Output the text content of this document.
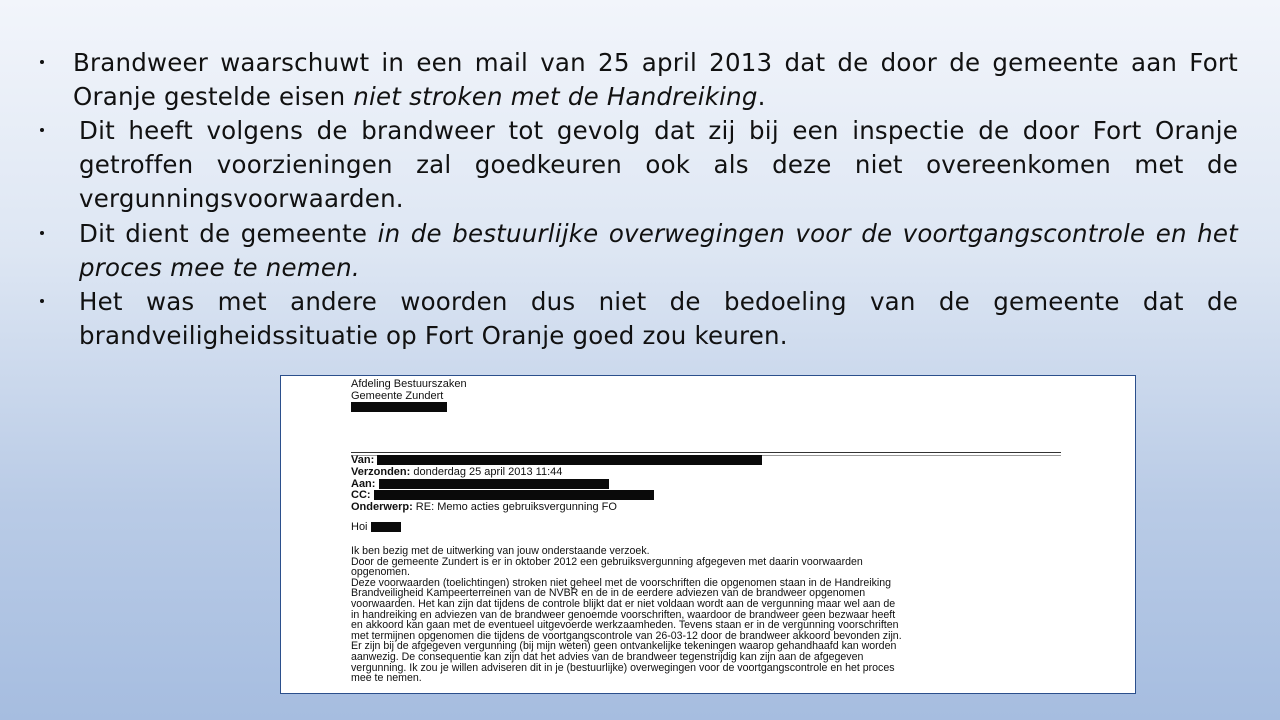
Brandweer waarschuwt in een mail van 25 april 2013 dat de door de gemeente aan Fort Oranje gestelde eisen niet stroken met de Handreiking.
Dit heeft volgens de brandweer tot gevolg dat zij bij een inspectie de door Fort Oranje getroffen voorzieningen zal goedkeuren ook als deze niet overeenkomen met de vergunningsvoorwaarden.
Dit dient de gemeente in de bestuurlijke overwegingen voor de voortgangscontrole en het proces mee te nemen.
Het was met andere woorden dus niet de bedoeling van de gemeente dat de brandveiligheidssituatie op Fort Oranje goed zou keuren.
Afdeling Bestuurszaken
Gemeente Zundert
Van:
Verzonden: donderdag 25 april 2013 11:44
Aan:
CC:
Onderwerp: RE: Memo acties gebruiksvergunning FO
Hoi
Ik ben bezig met de uitwerking van jouw onderstaande verzoek.
Door de gemeente Zundert is er in oktober 2012 een gebruiksvergunning afgegeven met daarin voorwaarden
opgenomen.
Deze voorwaarden (toelichtingen) stroken niet geheel met de voorschriften die opgenomen staan in de Handreiking
Brandveiligheid Kampeerterreinen van de NVBR en de in de eerdere adviezen van de brandweer opgenomen
voorwaarden. Het kan zijn dat tijdens de controle blijkt dat er niet voldaan wordt aan de vergunning maar wel aan de
in handreiking en adviezen van de brandweer genoemde voorschriften, waardoor de brandweer geen bezwaar heeft
en akkoord kan gaan met de eventueel uitgevoerde werkzaamheden. Tevens staan er in de vergunning voorschriften
met termijnen opgenomen die tijdens de voortgangscontrole van 26-03-12 door de brandweer akkoord bevonden zijn.
Er zijn bij de afgegeven vergunning (bij mijn weten) geen ontvankelijke tekeningen waarop gehandhaafd kan worden
aanwezig. De consequentie kan zijn dat het advies van de brandweer tegenstrijdig kan zijn aan de afgegeven
vergunning. Ik zou je willen adviseren dit in je (bestuurlijke) overwegingen voor de voortgangscontrole en het proces
mee te nemen.
